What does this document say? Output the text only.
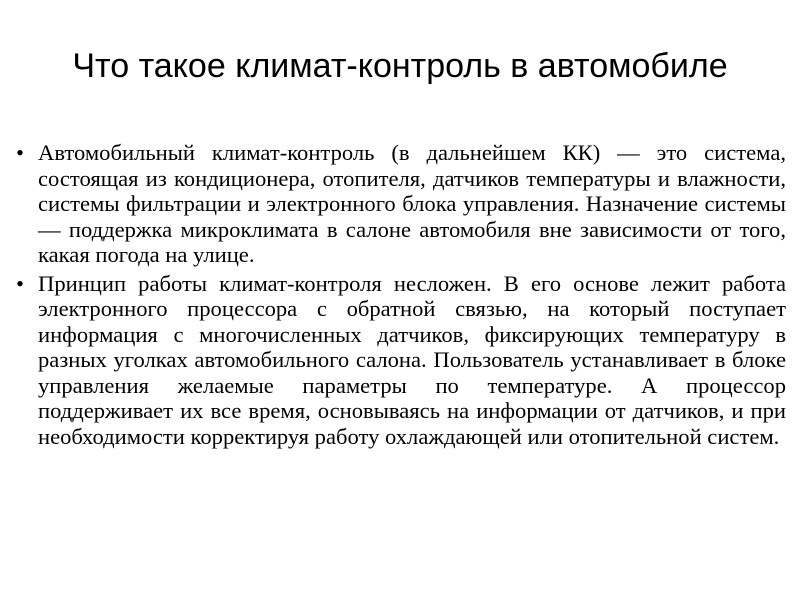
Что такое климат-контроль в автомобиле
• Автомобильный климат-контроль (в дальнейшем КК) — это система, состоящая из кондиционера, отопителя, датчиков температуры и влажности, системы фильтрации и электронного блока управления. Назначение системы — поддержка микроклимата в салоне автомобиля вне зависимости от того, какая погода на улице.
• Принцип работы климат-контроля несложен. В его основе лежит работа электронного процессора с обратной связью, на который поступает информация с многочисленных датчиков, фиксирующих температуру в разных уголках автомобильного салона. Пользователь устанавливает в блоке управления желаемые параметры по температуре. А процессор поддерживает их все время, основываясь на информации от датчиков, и при необходимости корректируя работу охлаждающей или отопительной систем.
